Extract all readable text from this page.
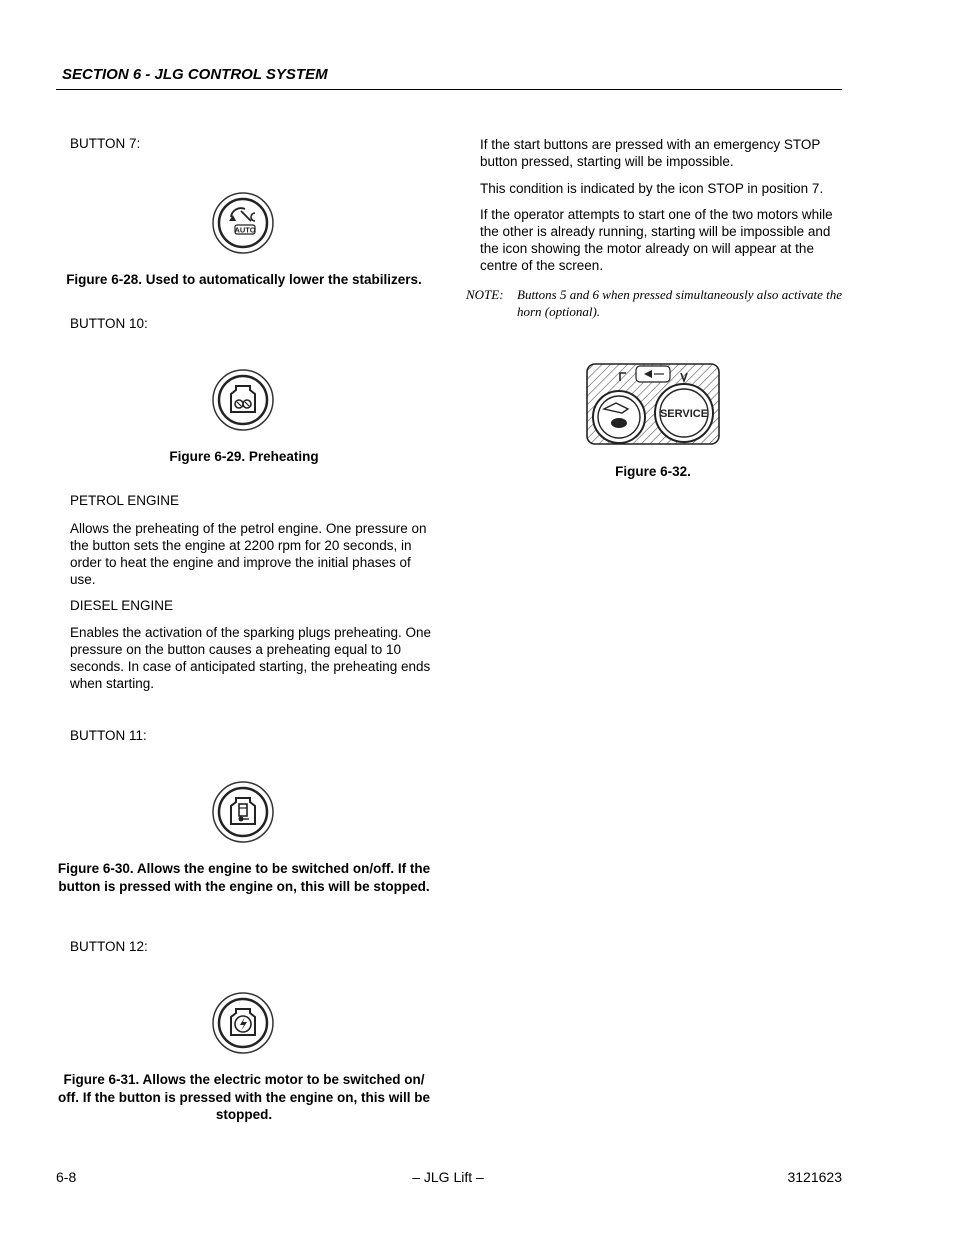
SECTION 6 - JLG CONTROL SYSTEM
BUTTON 7:
AUTO
Figure 6-28. Used to automatically lower the stabilizers.
BUTTON 10:
Figure 6-29. Preheating
PETROL ENGINE
Allows the preheating of the petrol engine. One pressure on the button sets the engine at 2200 rpm for 20 seconds, in order to heat the engine and improve the initial phases of use.
DIESEL ENGINE
Enables the activation of the sparking plugs preheating. One pressure on the button causes a preheating equal to 10 seconds. In case of anticipated starting, the preheating ends when starting.
BUTTON 11:
Figure 6-30. Allows the engine to be switched on/off. If the button is pressed with the engine on, this will be stopped.
BUTTON 12:
Figure 6-31. Allows the electric motor to be switched on/ off. If the button is pressed with the engine on, this will be stopped.
If the start buttons are pressed with an emergency STOP button pressed, starting will be impossible.
This condition is indicated by the icon STOP in position 7.
If the operator attempts to start one of the two motors while the other is already running, starting will be impossible and the icon showing the motor already on will appear at the centre of the screen.
NOTE: Buttons 5 and 6 when pressed simultaneously also activate the horn (optional).
SERVICE
Figure 6-32.
6-8	– JLG Lift –	3121623
